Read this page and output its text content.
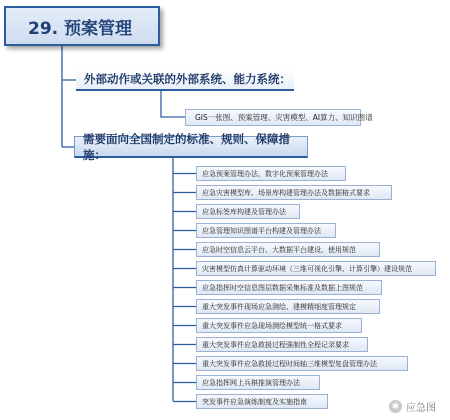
29. 预案管理
外部动作或关联的外部系统、能力系统：
GIS一张图、预案管理、灾害模型、AI算力、知识图谱
需要面向全国制定的标准、规则、保障措施：
应急预案管理办法、数字化预案管理办法
应急灾害模型库、场景库构建管理办法及数据格式要求
应急标签库构建及管理办法
应急管理知识图谱平台构建及管理办法
应急时空信息云平台、大数据平台建设、使用规范
灾害模型仿真计算驱动环境（三维可视化引擎、计算引擎）建设规范
应急指挥时空信息图层数据采集标准及数据上图规范
重大突发事件现场应急测绘、建模精细度管理规定
重大突发事件应急现场测绘模型统一格式要求
重大突发事件应急救援过程强制性全程记录要求
重大突发事件应急救援过程时间轴三维模型复盘管理办法
应急指挥网上兵棋推演管理办法
突发事件应急演练制度及实施指南	✱ 应急图
